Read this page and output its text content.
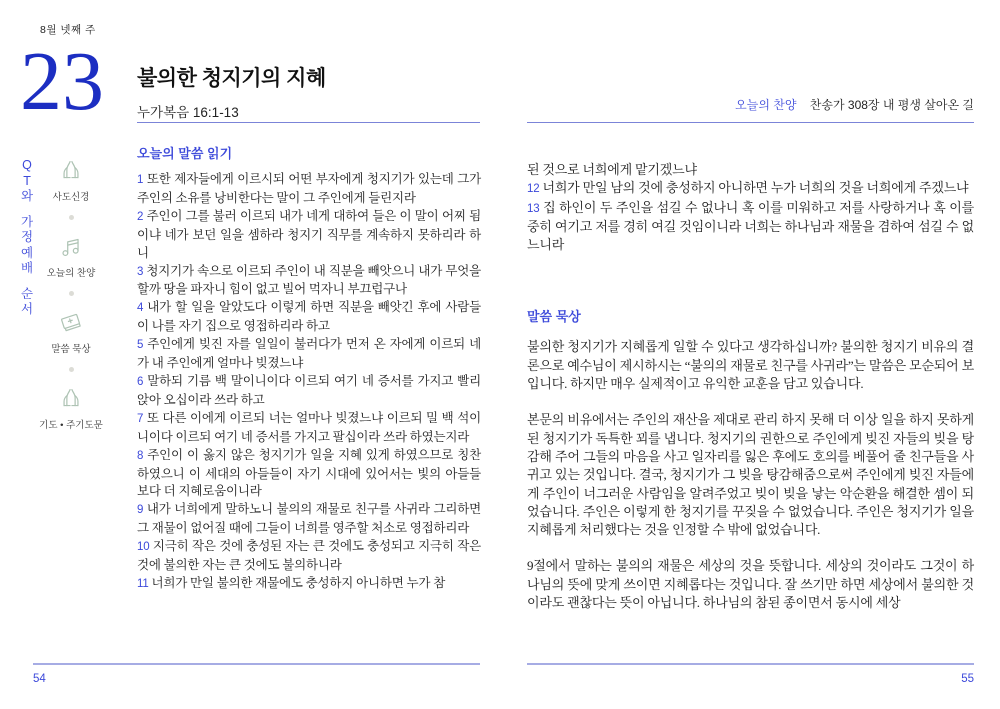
8월 넷째 주
23 불의한 청지기의 지혜
누가복음 16:1-13	오늘의 찬양 찬송가 308장 내 평생 살아온 길
Q
T
와
가
정
예
배
순
서
사도신경
오늘의 찬양
말씀 묵상
기도 • 주기도문
오늘의 말씀 읽기
1 또한 제자들에게 이르시되 어떤 부자에게 청지기가 있는데 그가 주인의 소유를 낭비한다는 말이 그 주인에게 들린지라
2 주인이 그를 불러 이르되 내가 네게 대하여 들은 이 말이 어찌 됨이냐 네가 보던 일을 셈하라 청지기 직무를 계속하지 못하리라 하니
3 청지기가 속으로 이르되 주인이 내 직분을 빼앗으니 내가 무엇을 할까 땅을 파자니 힘이 없고 빌어 먹자니 부끄럽구나
4 내가 할 일을 알았도다 이렇게 하면 직분을 빼앗긴 후에 사람들이 나를 자기 집으로 영접하리라 하고
5 주인에게 빚진 자를 일일이 불러다가 먼저 온 자에게 이르되 네가 내 주인에게 얼마나 빚졌느냐
6 말하되 기름 백 말이니이다 이르되 여기 네 증서를 가지고 빨리 앉아 오십이라 쓰라 하고
7 또 다른 이에게 이르되 너는 얼마나 빚졌느냐 이르되 밀 백 석이니이다 이르되 여기 네 증서를 가지고 팔십이라 쓰라 하였는지라
8 주인이 이 옳지 않은 청지기가 일을 지혜 있게 하였으므로 칭찬하였으니 이 세대의 아들들이 자기 시대에 있어서는 빛의 아들들보다 더 지혜로움이니라
9 내가 너희에게 말하노니 불의의 재물로 친구를 사귀라 그리하면 그 재물이 없어질 때에 그들이 너희를 영주할 처소로 영접하리라
10 지극히 작은 것에 충성된 자는 큰 것에도 충성되고 지극히 작은 것에 불의한 자는 큰 것에도 불의하니라
11 너희가 만일 불의한 재물에도 충성하지 아니하면 누가 참
된 것으로 너희에게 맡기겠느냐
12 너희가 만일 남의 것에 충성하지 아니하면 누가 너희의 것을 너희에게 주겠느냐
13 집 하인이 두 주인을 섬길 수 없나니 혹 이를 미워하고 저를 사랑하거나 혹 이를 중히 여기고 저를 경히 여길 것임이니라 너희는 하나님과 재물을 겸하여 섬길 수 없느니라
말씀 묵상

불의한 청지기가 지혜롭게 일할 수 있다고 생각하십니까? 불의한 청지기 비유의 결론으로 예수님이 제시하시는 “불의의 재물로 친구를 사귀라”는 말씀은 모순되어 보입니다. 하지만 매우 실제적이고 유익한 교훈을 담고 있습니다.

본문의 비유에서는 주인의 재산을 제대로 관리 하지 못해 더 이상 일을 하지 못하게 된 청지기가 독특한 꾀를 냅니다. 청지기의 권한으로 주인에게 빚진 자들의 빚을 탕감해 주어 그들의 마음을 사고 일자리를 잃은 후에도 호의를 베풀어 줄 친구들을 사귀고 있는 것입니다. 결국, 청지기가 그 빚을 탕감해줌으로써 주인에게 빚진 자들에게 주인이 너그러운 사람임을 알려주었고 빚이 빚을 낳는 악순환을 해결한 셈이 되었습니다. 주인은 이렇게 한 청지기를 꾸짖을 수 없었습니다. 주인은 청지기가 일을 지혜롭게 처리했다는 것을 인정할 수 밖에 없었습니다.

9절에서 말하는 불의의 재물은 세상의 것을 뜻합니다. 세상의 것이라도 그것이 하나님의 뜻에 맞게 쓰이면 지혜롭다는 것입니다. 잘 쓰기만 하면 세상에서 불의한 것이라도 괜찮다는 뜻이 아닙니다. 하나님의 참된 종이면서 동시에 세상

54	55
